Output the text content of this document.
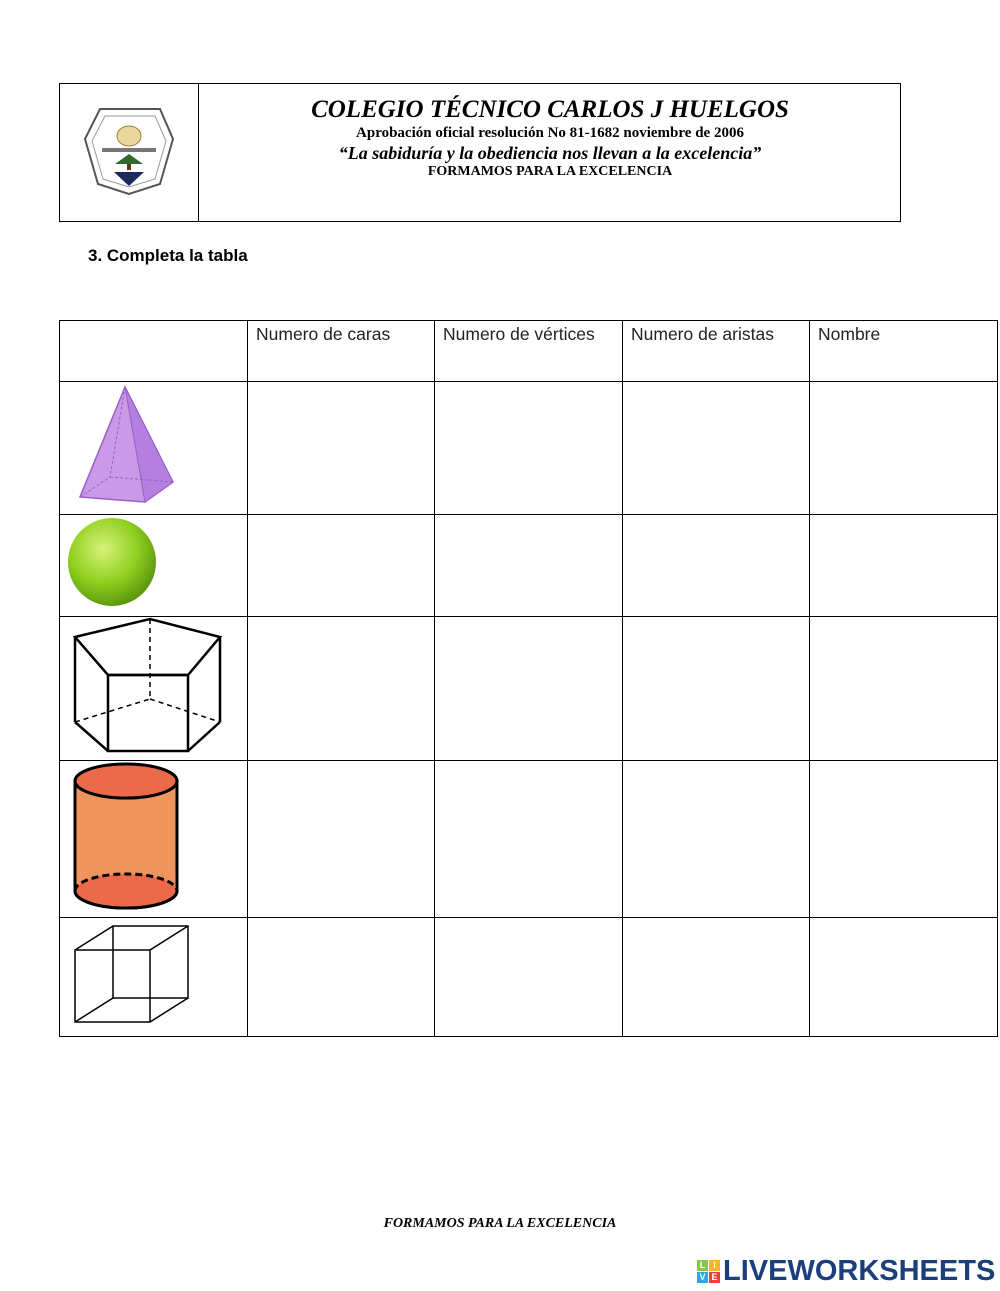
COLEGIO TÉCNICO CARLOS J HUELGOS
Aprobación oficial resolución No 81-1682 noviembre de 2006
“La sabiduría y la obediencia nos llevan a la excelencia”
FORMAMOS PARA LA EXCELENCIA
3. Completa la tabla
	Numero de caras	Numero de vértices	Numero de aristas	Nombre

FORMAMOS PARA LA EXCELENCIA
L I
V E LIVEWORKSHEETS
